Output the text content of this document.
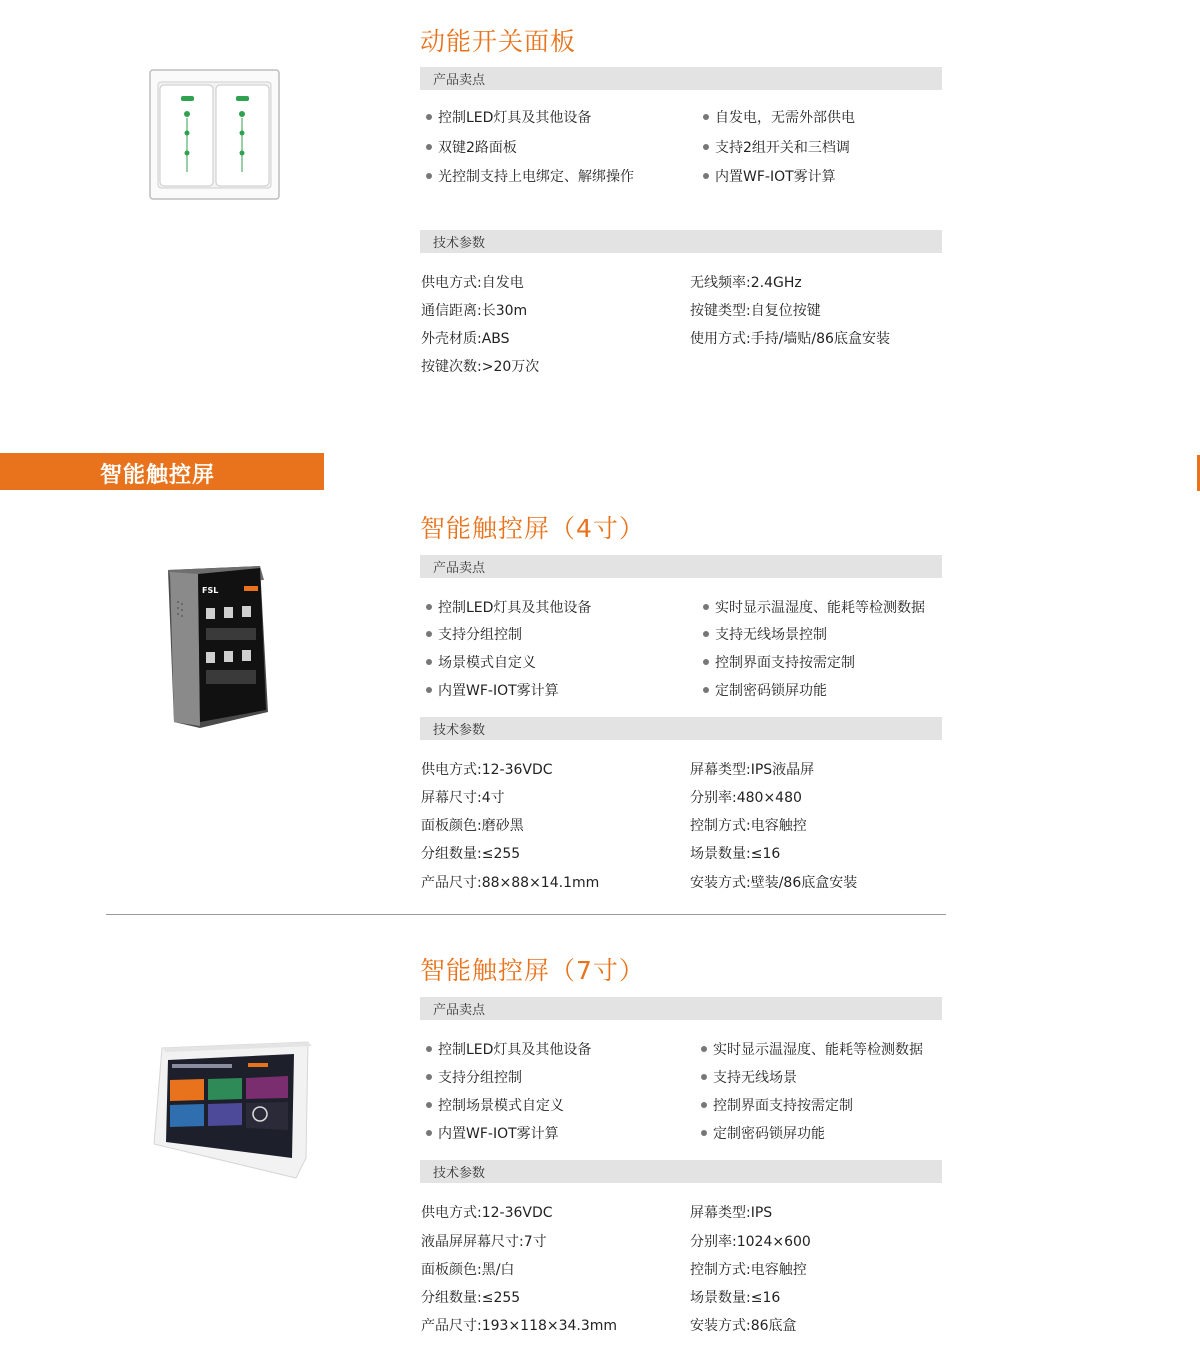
动能开关面板
产品卖点
控制LED灯具及其他设备
双键2路面板
光控制支持上电绑定、解绑操作
自发电，无需外部供电
支持2组开关和三档调
内置WF-IOT雾计算
技术参数
供电方式:自发电
通信距离:长30m
外壳材质:ABS
按键次数:>20万次
无线频率:2.4GHz
按键类型:自复位按键
使用方式:手持/墙贴/86底盒安装
智能触控屏
智能触控屏（4寸）
FSL
产品卖点
控制LED灯具及其他设备
支持分组控制
场景模式自定义
内置WF-IOT雾计算
实时显示温湿度、能耗等检测数据
支持无线场景控制
控制界面支持按需定制
定制密码锁屏功能
技术参数
供电方式:12-36VDC
屏幕尺寸:4寸
面板颜色:磨砂黑
分组数量:≤255
产品尺寸:88×88×14.1mm
屏幕类型:IPS液晶屏
分别率:480×480
控制方式:电容触控
场景数量:≤16
安装方式:壁装/86底盒安装
智能触控屏（7寸）
产品卖点
控制LED灯具及其他设备
支持分组控制
控制场景模式自定义
内置WF-IOT雾计算
实时显示温湿度、能耗等检测数据
支持无线场景
控制界面支持按需定制
定制密码锁屏功能
技术参数
供电方式:12-36VDC
液晶屏屏幕尺寸:7寸
面板颜色:黑/白
分组数量:≤255
产品尺寸:193×118×34.3mm
屏幕类型:IPS
分别率:1024×600
控制方式:电容触控
场景数量:≤16
安装方式:86底盒
